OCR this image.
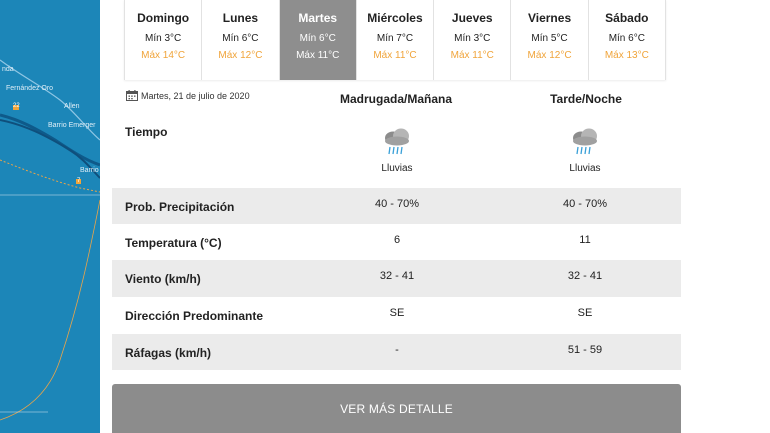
nda
Fernández Oro
Allen
Barrio Emerger
Barrio
22
7
Domingo
Mín 3°C
Máx 14°C
Lunes
Mín 6°C
Máx 12°C
Martes
Mín 6°C
Máx 11°C
Miércoles
Mín 7°C
Máx 11°C
Jueves
Mín 3°C
Máx 11°C
Viernes
Mín 5°C
Máx 12°C
Sábado
Mín 6°C
Máx 13°C
Martes, 21 de julio de 2020	Madrugada/Mañana	Tarde/Noche
Tiempo
Lluvias	Lluvias
Prob. Precipitación	40 - 70%	40 - 70%
Temperatura (°C)	6	11
Viento (km/h)	32 - 41	32 - 41
Dirección Predominante	SE	SE
Ráfagas (km/h)	-	51 - 59
VER MÁS DETALLE
